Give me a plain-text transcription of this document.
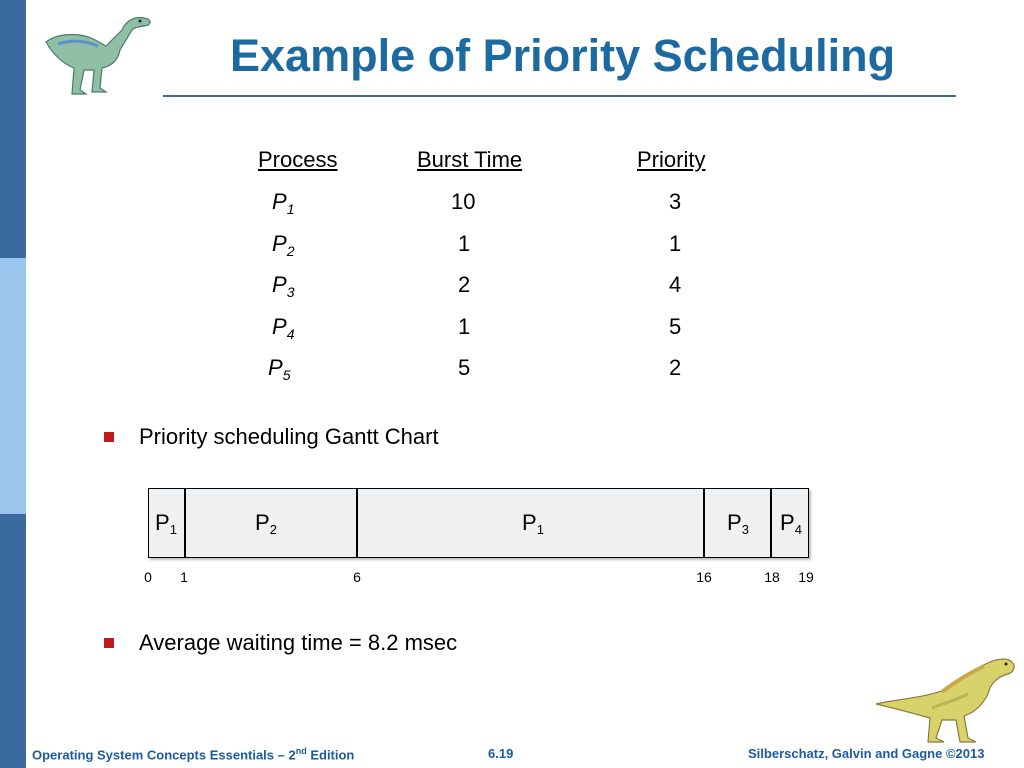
Example of Priority Scheduling
Process	Burst Time	Priority
$P_1$	10	3
$P_2$	1	1
$P_3$	2	4
$P_4$	1	5
$P_5$	5	2
Priority scheduling Gantt Chart
$P_1$	$P_2$	$P_1$	$P_3$ $P_4$
0 1	6	16	18 19
Average waiting time = 8.2 msec
Operating System Concepts Essentials – 2nd Edition	6.19	Silberschatz, Galvin and Gagne ©2013
